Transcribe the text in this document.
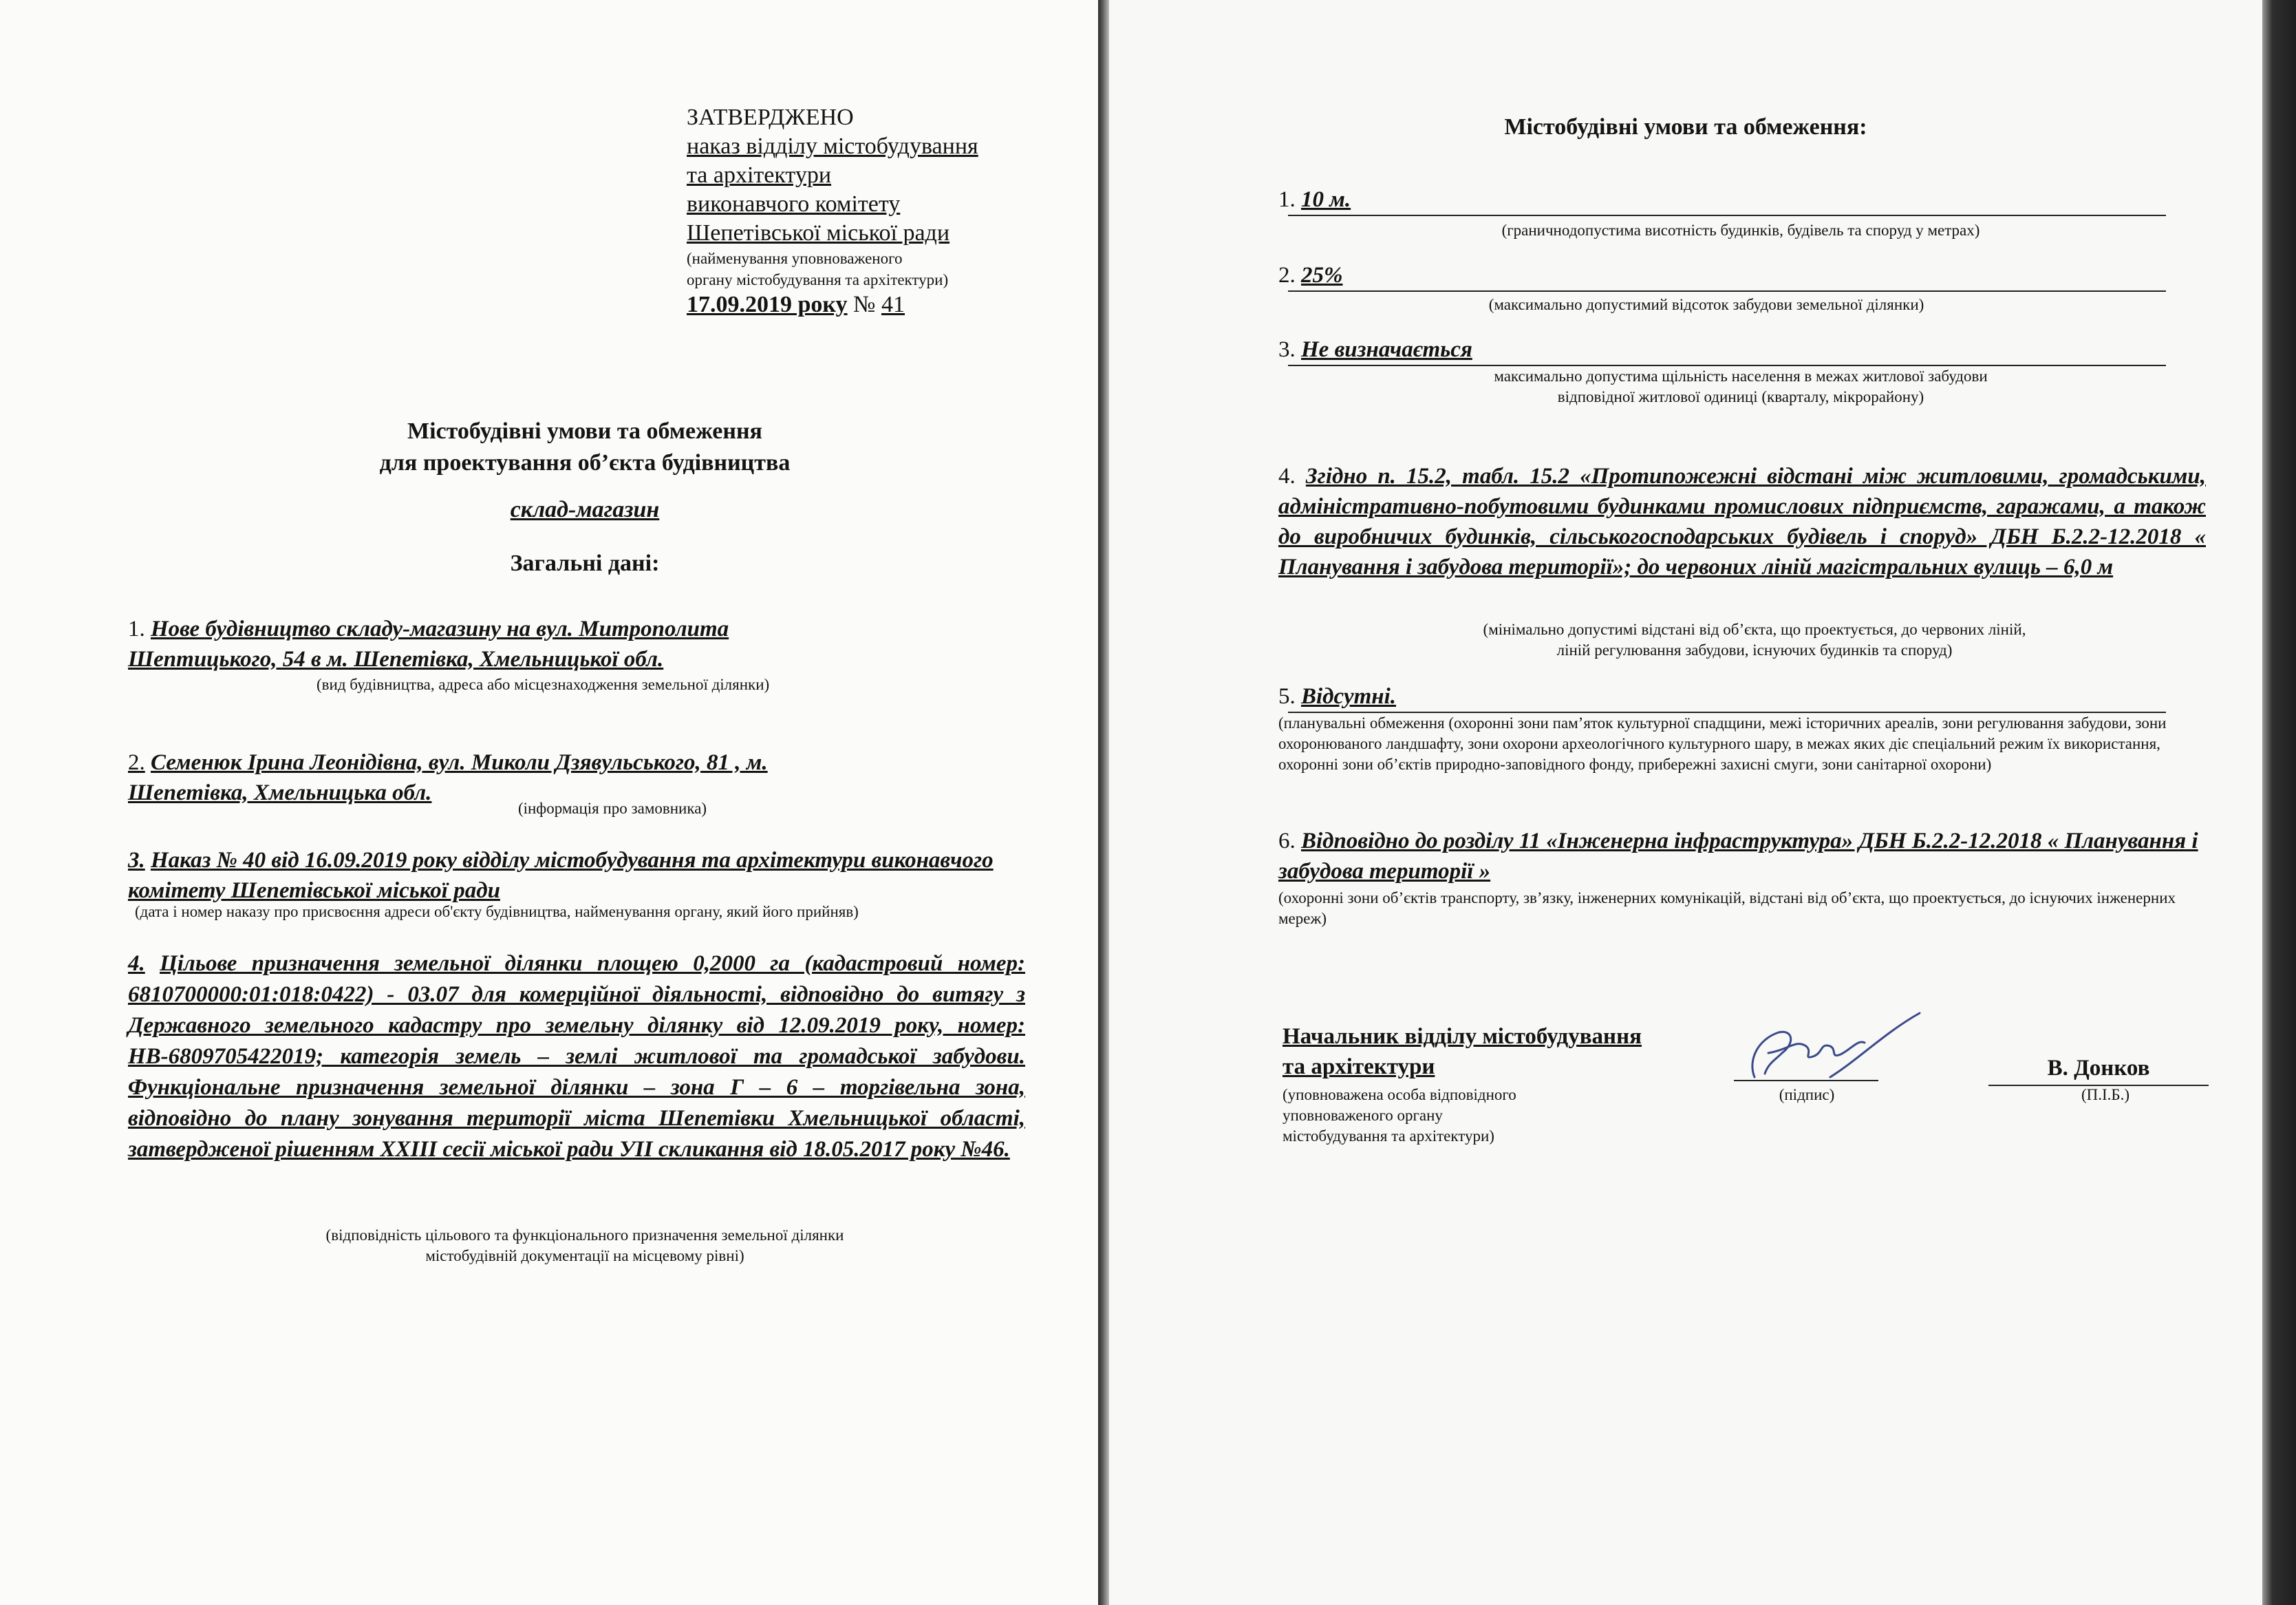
ЗАТВЕРДЖЕНО
наказ відділу містобудування
та архітектури
виконавчого комітету
Шепетівської міської ради
(найменування уповноваженого
органу містобудування та архітектури)
17.09.2019 року № 41
Містобудівні умови та обмеження
для проектування об’єкта будівництва
склад-магазин
Загальні дані:
1. Нове будівництво складу-магазину на вул. Митрополита Шептицького, 54 в м. Шепетівка, Хмельницької обл.
(вид будівництва, адреса або місцезнаходження земельної ділянки)
2. Семенюк Ірина Леонідівна, вул. Миколи Дзявульського, 81 , м. Шепетівка, Хмельницька обл.
(інформація про замовника)
3. Наказ № 40 від 16.09.2019 року відділу містобудування та архітектури виконавчого комітету Шепетівської міської ради
(дата і номер наказу про присвоєння адреси об'єкту будівництва, найменування органу, який його прийняв)
4. Цільове призначення земельної ділянки площею 0,2000 га (кадастровий номер: 6810700000:01:018:0422) - 03.07 для комерційної діяльності, відповідно до витягу з Державного земельного кадастру про земельну ділянку від 12.09.2019 року, номер: НВ-6809705422019; категорія земель – землі житлової та громадської забудови. Функціональне призначення земельної ділянки – зона Г – 6 – торгівельна зона, відповідно до плану зонування території міста Шепетівки Хмельницької області, затвердженої рішенням XXIII сесії міської ради УІІ скликання від 18.05.2017 року №46.
(відповідність цільового та функціонального призначення земельної ділянки
містобудівній документації на місцевому рівні)
Містобудівні умови та обмеження:
1. 10 м.
(граничнодопустима висотність будинків, будівель та споруд у метрах)
2. 25%
(максимально допустимий відсоток забудови земельної ділянки)
3. Не визначається
максимально допустима щільність населення в межах житлової забудови
відповідної житлової одиниці (кварталу, мікрорайону)
4. Згідно п. 15.2, табл. 15.2 «Протипожежні відстані між житловими, громадськими, адміністративно-побутовими будинками промислових підприємств, гаражами, а також до виробничих будинків, сільськогосподарських будівель і споруд» ДБН Б.2.2-12.2018 « Планування і забудова території»; до червоних ліній магістральних вулиць – 6,0 м
(мінімально допустимі відстані від об’єкта, що проектується, до червоних ліній,
ліній регулювання забудови, існуючих будинків та споруд)
5. Відсутні.
(планувальні обмеження (охоронні зони пам’яток культурної спадщини, межі історичних ареалів, зони регулювання забудови, зони охоронюваного ландшафту, зони охорони археологічного культурного шару, в межах яких діє спеціальний режим їх використання, охоронні зони об’єктів природно-заповідного фонду, прибережні захисні смуги, зони санітарної охорони)
6. Відповідно до розділу 11 «Інженерна інфраструктура» ДБН Б.2.2-12.2018 « Планування і забудова території »
(охоронні зони об’єктів транспорту, зв’язку, інженерних комунікацій, відстані від об’єкта, що проектується, до існуючих інженерних мереж)
Начальник відділу містобудування
та архітектури
(уповноважена особа відповідного
уповноваженого органу
містобудування та архітектури)
(підпис)
В. Донков
(П.І.Б.)
